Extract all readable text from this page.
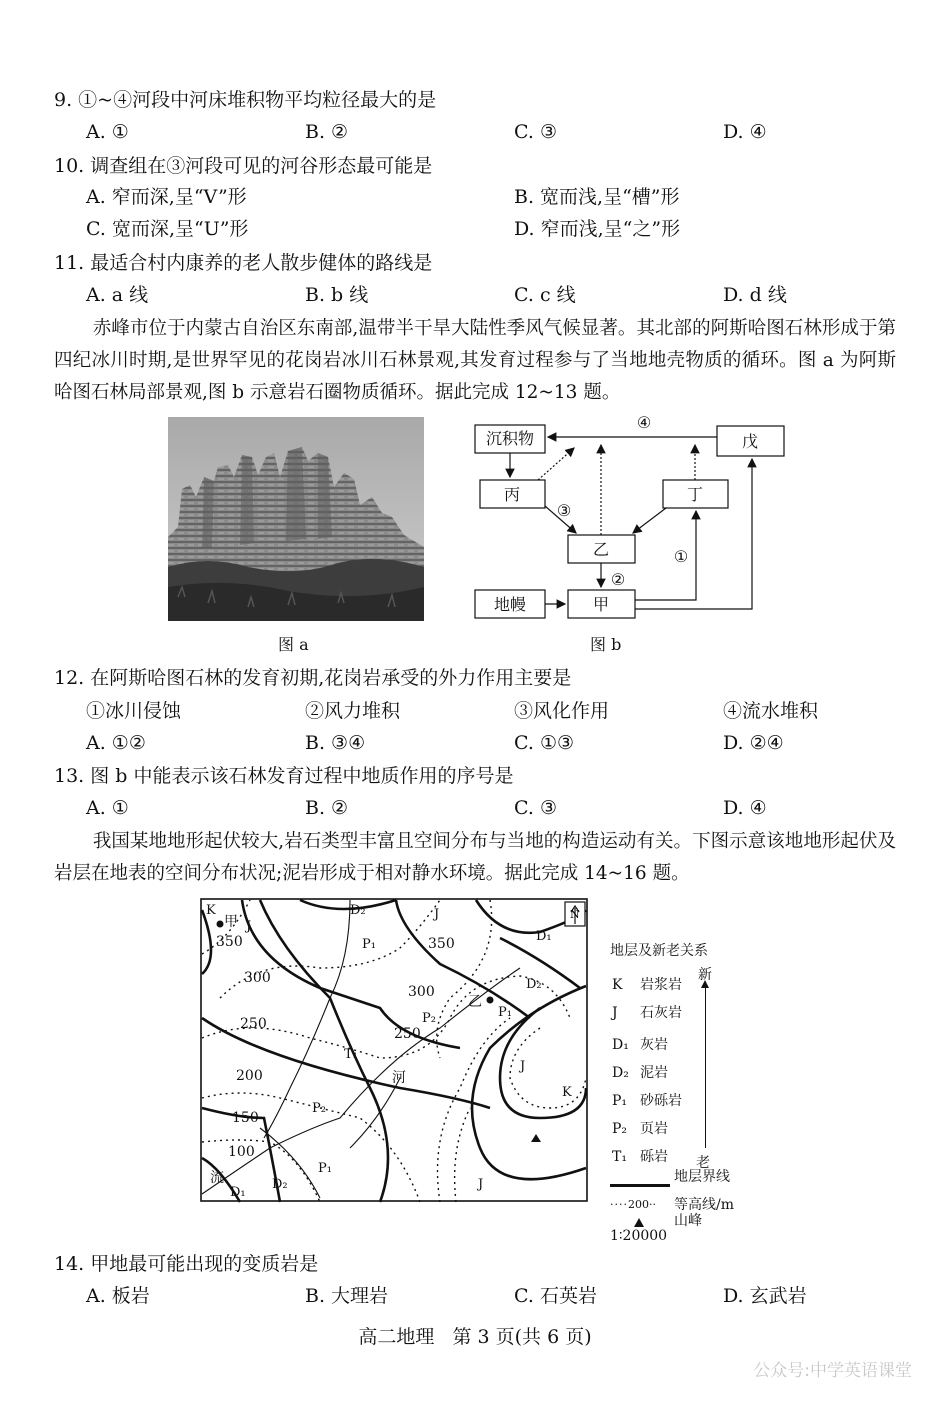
9. ①~④河段中河床堆积物平均粒径最大的是
A. ①	B. ②	C. ③	D. ④
10. 调查组在③河段可见的河谷形态最可能是
A. 窄而深,呈“V”形	B. 宽而浅,呈“槽”形
C. 宽而深,呈“U”形	D. 窄而浅,呈“之”形
11. 最适合村内康养的老人散步健体的路线是
A. a 线	B. b 线	C. c 线	D. d 线
赤峰市位于内蒙古自治区东南部,温带半干旱大陆性季风气候显著。其北部的阿斯哈图石林形成于第四纪冰川时期,是世界罕见的花岗岩冰川石林景观,其发育过程参与了当地地壳物质的循环。图 a 为阿斯哈图石林局部景观,图 b 示意岩石圈物质循环。据此完成 12~13 题。
图 a
沉积物
丙	丁
戊
乙
甲
地幔
④
③
②
①
图 b
12. 在阿斯哈图石林的发育初期,花岗岩承受的外力作用主要是
①冰川侵蚀	②风力堆积	③风化作用	④流水堆积
A. ①②	B. ③④	C. ①③	D. ②④
13. 图 b 中能表示该石林发育过程中地质作用的序号是
A. ①	B. ②	C. ③	D. ④
我国某地地形起伏较大,岩石类型丰富且空间分布与当地的构造运动有关。下图示意该地地形起伏及岩层在地表的空间分布状况;泥岩形成于相对静水环境。据此完成 14~16 题。
N
甲
乙
河
流
350
300
250
200
150
100
350
300
250
K
J
D₂	J
P₁
D₁
D₂
P₁
P₂
T₁
J
K
P₂
P₁
D₂
D₁
J
地层及新老关系
新
老
K 岩浆岩
J 石灰岩
D₁ 灰岩
D₂ 泥岩
P₁ 砂砾岩
P₂ 页岩
T₁ 砾岩
地层界线
····200··	等高线/m
山峰
1∶20000
14. 甲地最可能出现的变质岩是
A. 板岩	B. 大理岩	C. 石英岩	D. 玄武岩
高二地理   第 3 页(共 6 页)
公众号:中学英语课堂
